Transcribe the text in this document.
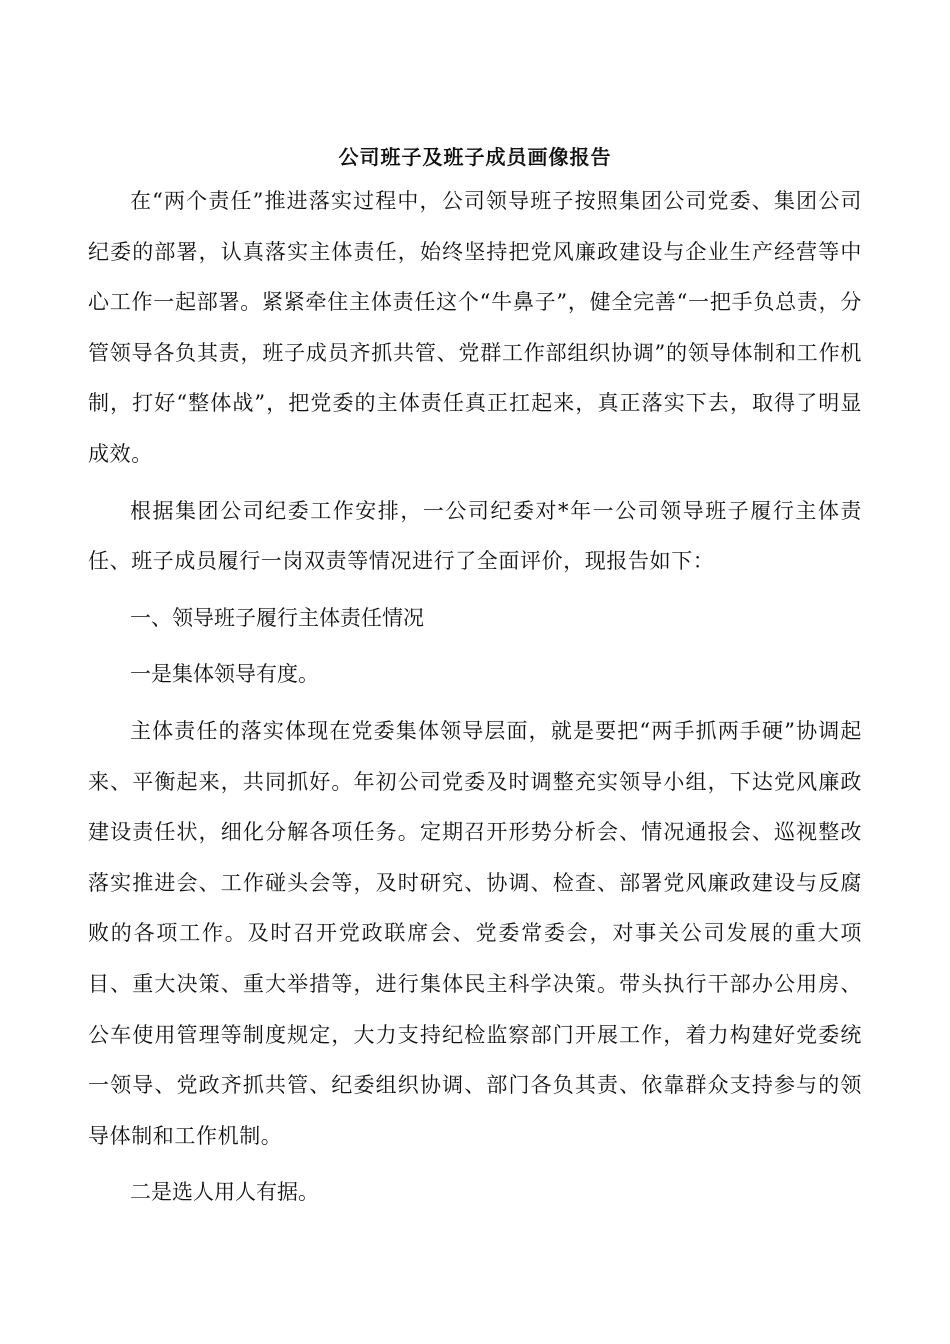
公司班子及班子成员画像报告

在“两个责任”推进落实过程中，公司领导班子按照集团公司党委、集团公司纪委的部署，认真落实主体责任，始终坚持把党风廉政建设与企业生产经营等中心工作一起部署。紧紧牵住主体责任这个“牛鼻子”，健全完善“一把手负总责，分管领导各负其责，班子成员齐抓共管、党群工作部组织协调”的领导体制和工作机制，打好“整体战”，把党委的主体责任真正扛起来，真正落实下去，取得了明显成效。

根据集团公司纪委工作安排，一公司纪委对*年一公司领导班子履行主体责任、班子成员履行一岗双责等情况进行了全面评价，现报告如下：

一、领导班子履行主体责任情况

一是集体领导有度。

主体责任的落实体现在党委集体领导层面，就是要把“两手抓两手硬”协调起来、平衡起来，共同抓好。年初公司党委及时调整充实领导小组，下达党风廉政建设责任状，细化分解各项任务。定期召开形势分析会、情况通报会、巡视整改落实推进会、工作碰头会等，及时研究、协调、检查、部署党风廉政建设与反腐败的各项工作。及时召开党政联席会、党委常委会，对事关公司发展的重大项目、重大决策、重大举措等，进行集体民主科学决策。带头执行干部办公用房、公车使用管理等制度规定，大力支持纪检监察部门开展工作，着力构建好党委统一领导、党政齐抓共管、纪委组织协调、部门各负其责、依靠群众支持参与的领导体制和工作机制。

二是选人用人有据。
